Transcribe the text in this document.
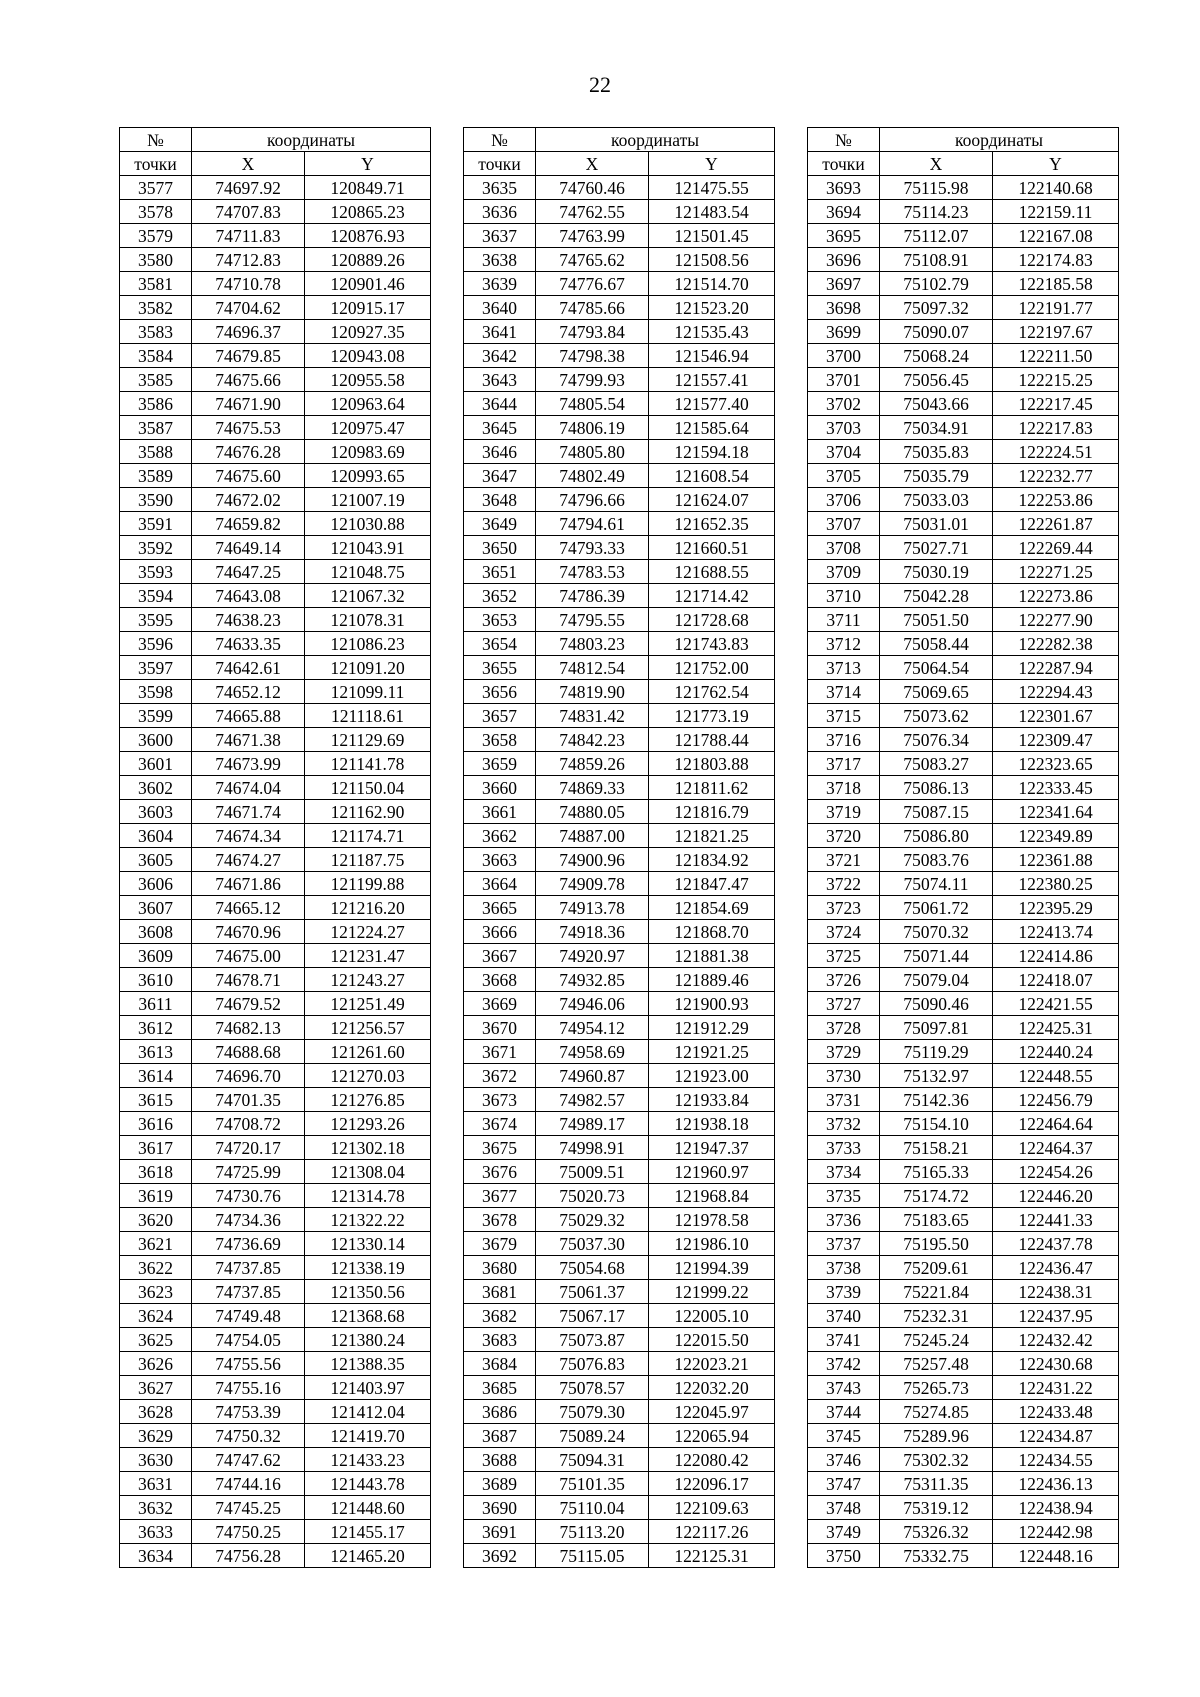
22
№	координаты	
точки	X	Y
3577	74697.92	120849.71
3578	74707.83	120865.23
3579	74711.83	120876.93
3580	74712.83	120889.26
3581	74710.78	120901.46
3582	74704.62	120915.17
3583	74696.37	120927.35
3584	74679.85	120943.08
3585	74675.66	120955.58
3586	74671.90	120963.64
3587	74675.53	120975.47
3588	74676.28	120983.69
3589	74675.60	120993.65
3590	74672.02	121007.19
3591	74659.82	121030.88
3592	74649.14	121043.91
3593	74647.25	121048.75
3594	74643.08	121067.32
3595	74638.23	121078.31
3596	74633.35	121086.23
3597	74642.61	121091.20
3598	74652.12	121099.11
3599	74665.88	121118.61
3600	74671.38	121129.69
3601	74673.99	121141.78
3602	74674.04	121150.04
3603	74671.74	121162.90
3604	74674.34	121174.71
3605	74674.27	121187.75
3606	74671.86	121199.88
3607	74665.12	121216.20
3608	74670.96	121224.27
3609	74675.00	121231.47
3610	74678.71	121243.27
3611	74679.52	121251.49
3612	74682.13	121256.57
3613	74688.68	121261.60
3614	74696.70	121270.03
3615	74701.35	121276.85
3616	74708.72	121293.26
3617	74720.17	121302.18
3618	74725.99	121308.04
3619	74730.76	121314.78
3620	74734.36	121322.22
3621	74736.69	121330.14
3622	74737.85	121338.19
3623	74737.85	121350.56
3624	74749.48	121368.68
3625	74754.05	121380.24
3626	74755.56	121388.35
3627	74755.16	121403.97
3628	74753.39	121412.04
3629	74750.32	121419.70
3630	74747.62	121433.23
3631	74744.16	121443.78
3632	74745.25	121448.60
3633	74750.25	121455.17
3634	74756.28	121465.20
№	координаты	
точки	X	Y
3635	74760.46	121475.55
3636	74762.55	121483.54
3637	74763.99	121501.45
3638	74765.62	121508.56
3639	74776.67	121514.70
3640	74785.66	121523.20
3641	74793.84	121535.43
3642	74798.38	121546.94
3643	74799.93	121557.41
3644	74805.54	121577.40
3645	74806.19	121585.64
3646	74805.80	121594.18
3647	74802.49	121608.54
3648	74796.66	121624.07
3649	74794.61	121652.35
3650	74793.33	121660.51
3651	74783.53	121688.55
3652	74786.39	121714.42
3653	74795.55	121728.68
3654	74803.23	121743.83
3655	74812.54	121752.00
3656	74819.90	121762.54
3657	74831.42	121773.19
3658	74842.23	121788.44
3659	74859.26	121803.88
3660	74869.33	121811.62
3661	74880.05	121816.79
3662	74887.00	121821.25
3663	74900.96	121834.92
3664	74909.78	121847.47
3665	74913.78	121854.69
3666	74918.36	121868.70
3667	74920.97	121881.38
3668	74932.85	121889.46
3669	74946.06	121900.93
3670	74954.12	121912.29
3671	74958.69	121921.25
3672	74960.87	121923.00
3673	74982.57	121933.84
3674	74989.17	121938.18
3675	74998.91	121947.37
3676	75009.51	121960.97
3677	75020.73	121968.84
3678	75029.32	121978.58
3679	75037.30	121986.10
3680	75054.68	121994.39
3681	75061.37	121999.22
3682	75067.17	122005.10
3683	75073.87	122015.50
3684	75076.83	122023.21
3685	75078.57	122032.20
3686	75079.30	122045.97
3687	75089.24	122065.94
3688	75094.31	122080.42
3689	75101.35	122096.17
3690	75110.04	122109.63
3691	75113.20	122117.26
3692	75115.05	122125.31
№	координаты	
точки	X	Y
3693	75115.98	122140.68
3694	75114.23	122159.11
3695	75112.07	122167.08
3696	75108.91	122174.83
3697	75102.79	122185.58
3698	75097.32	122191.77
3699	75090.07	122197.67
3700	75068.24	122211.50
3701	75056.45	122215.25
3702	75043.66	122217.45
3703	75034.91	122217.83
3704	75035.83	122224.51
3705	75035.79	122232.77
3706	75033.03	122253.86
3707	75031.01	122261.87
3708	75027.71	122269.44
3709	75030.19	122271.25
3710	75042.28	122273.86
3711	75051.50	122277.90
3712	75058.44	122282.38
3713	75064.54	122287.94
3714	75069.65	122294.43
3715	75073.62	122301.67
3716	75076.34	122309.47
3717	75083.27	122323.65
3718	75086.13	122333.45
3719	75087.15	122341.64
3720	75086.80	122349.89
3721	75083.76	122361.88
3722	75074.11	122380.25
3723	75061.72	122395.29
3724	75070.32	122413.74
3725	75071.44	122414.86
3726	75079.04	122418.07
3727	75090.46	122421.55
3728	75097.81	122425.31
3729	75119.29	122440.24
3730	75132.97	122448.55
3731	75142.36	122456.79
3732	75154.10	122464.64
3733	75158.21	122464.37
3734	75165.33	122454.26
3735	75174.72	122446.20
3736	75183.65	122441.33
3737	75195.50	122437.78
3738	75209.61	122436.47
3739	75221.84	122438.31
3740	75232.31	122437.95
3741	75245.24	122432.42
3742	75257.48	122430.68
3743	75265.73	122431.22
3744	75274.85	122433.48
3745	75289.96	122434.87
3746	75302.32	122434.55
3747	75311.35	122436.13
3748	75319.12	122438.94
3749	75326.32	122442.98
3750	75332.75	122448.16
